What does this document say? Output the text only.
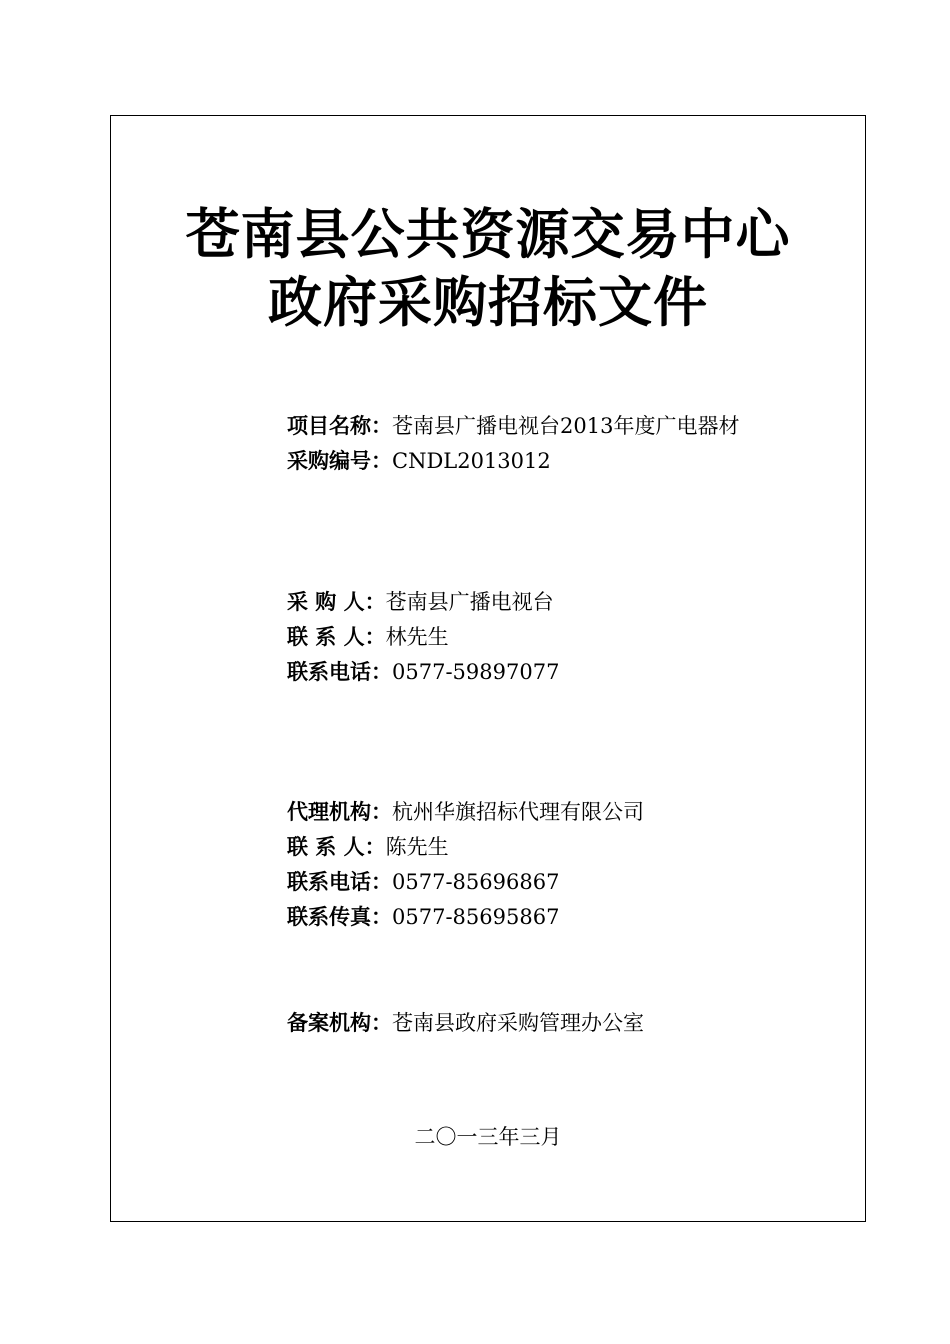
苍南县公共资源交易中心
政府采购招标文件
项目名称：苍南县广播电视台2013年度广电器材
采购编号：CNDL2013012
采 购 人：苍南县广播电视台
联 系 人：林先生
联系电话：0577-59897077
代理机构：杭州华旗招标代理有限公司
联 系 人：陈先生
联系电话：0577-85696867
联系传真：0577-85695867
备案机构：苍南县政府采购管理办公室
二〇一三年三月
